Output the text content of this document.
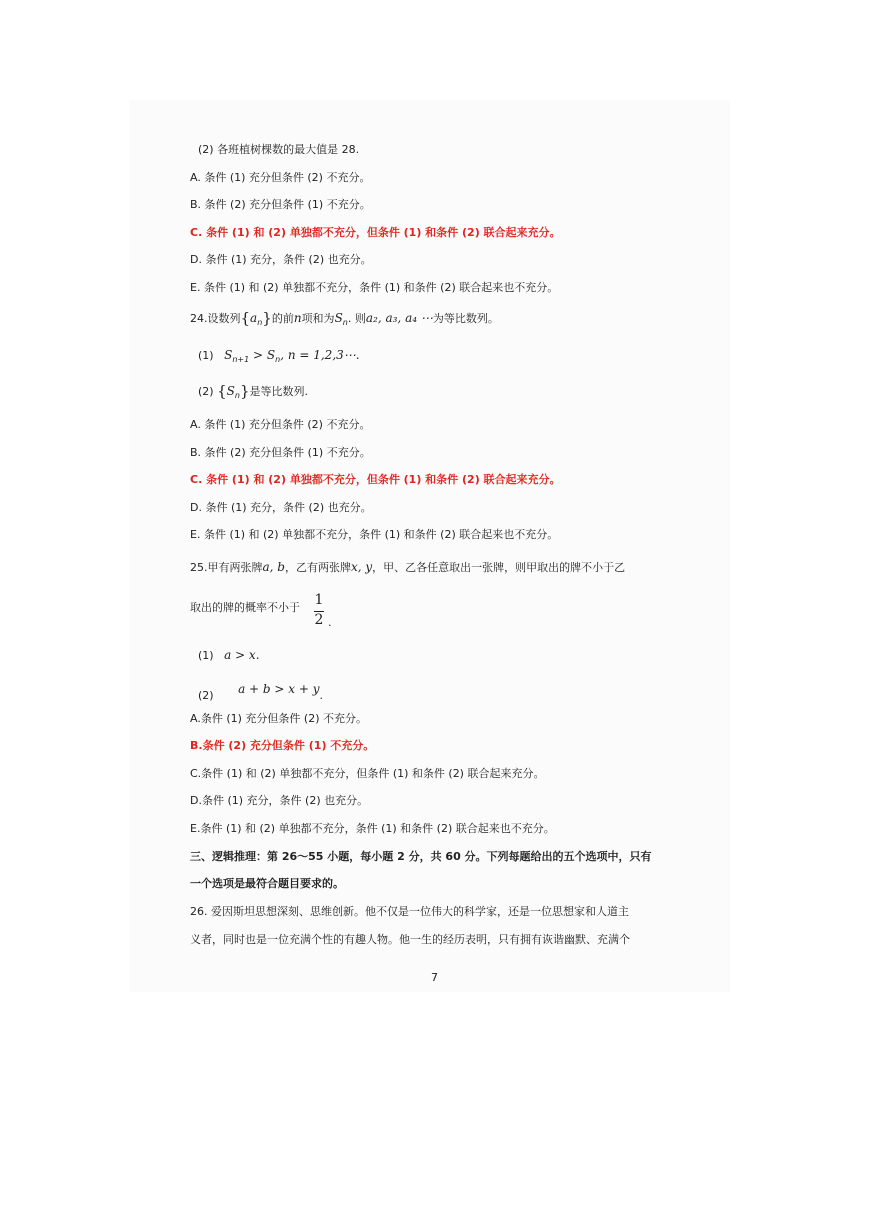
(2) 各班植树棵数的最大值是 28.
A. 条件 (1) 充分但条件 (2) 不充分。
B. 条件 (2) 充分但条件 (1) 不充分。
C. 条件 (1) 和 (2) 单独都不充分，但条件 (1) 和条件 (2) 联合起来充分。
D. 条件 (1) 充分，条件 (2) 也充分。
E. 条件 (1) 和 (2) 单独都不充分，条件 (1) 和条件 (2) 联合起来也不充分。
24.设数列$\{a_n\}$的前n项和为$S_n$. 则a₂, a₃, a₄ ⋯为等比数列。
(1) $S_{n+1} > S_n$, n = 1,2,3⋯.
(2) $\{S_n\}$是等比数列.
A. 条件 (1) 充分但条件 (2) 不充分。
B. 条件 (2) 充分但条件 (1) 不充分。
C. 条件 (1) 和 (2) 单独都不充分，但条件 (1) 和条件 (2) 联合起来充分。
D. 条件 (1) 充分，条件 (2) 也充分。
E. 条件 (1) 和 (2) 单独都不充分，条件 (1) 和条件 (2) 联合起来也不充分。
25.甲有两张牌a, b，乙有两张牌x, y，甲、乙各任意取出一张牌，则甲取出的牌不小于乙
取出的牌的概率不小于 1
2 .
(1) a > x.
(2) a + b > x + y.
A.条件 (1) 充分但条件 (2) 不充分。
B.条件 (2) 充分但条件 (1) 不充分。
C.条件 (1) 和 (2) 单独都不充分，但条件 (1) 和条件 (2) 联合起来充分。
D.条件 (1) 充分，条件 (2) 也充分。
E.条件 (1) 和 (2) 单独都不充分，条件 (1) 和条件 (2) 联合起来也不充分。
三、逻辑推理：第 26～55 小题，每小题 2 分，共 60 分。下列每题给出的五个选项中，只有
一个选项是最符合题目要求的。
26. 爱因斯坦思想深刻、思维创新。他不仅是一位伟大的科学家，还是一位思想家和人道主
义者，同时也是一位充满个性的有趣人物。他一生的经历表明，只有拥有诙谐幽默、充满个
7
